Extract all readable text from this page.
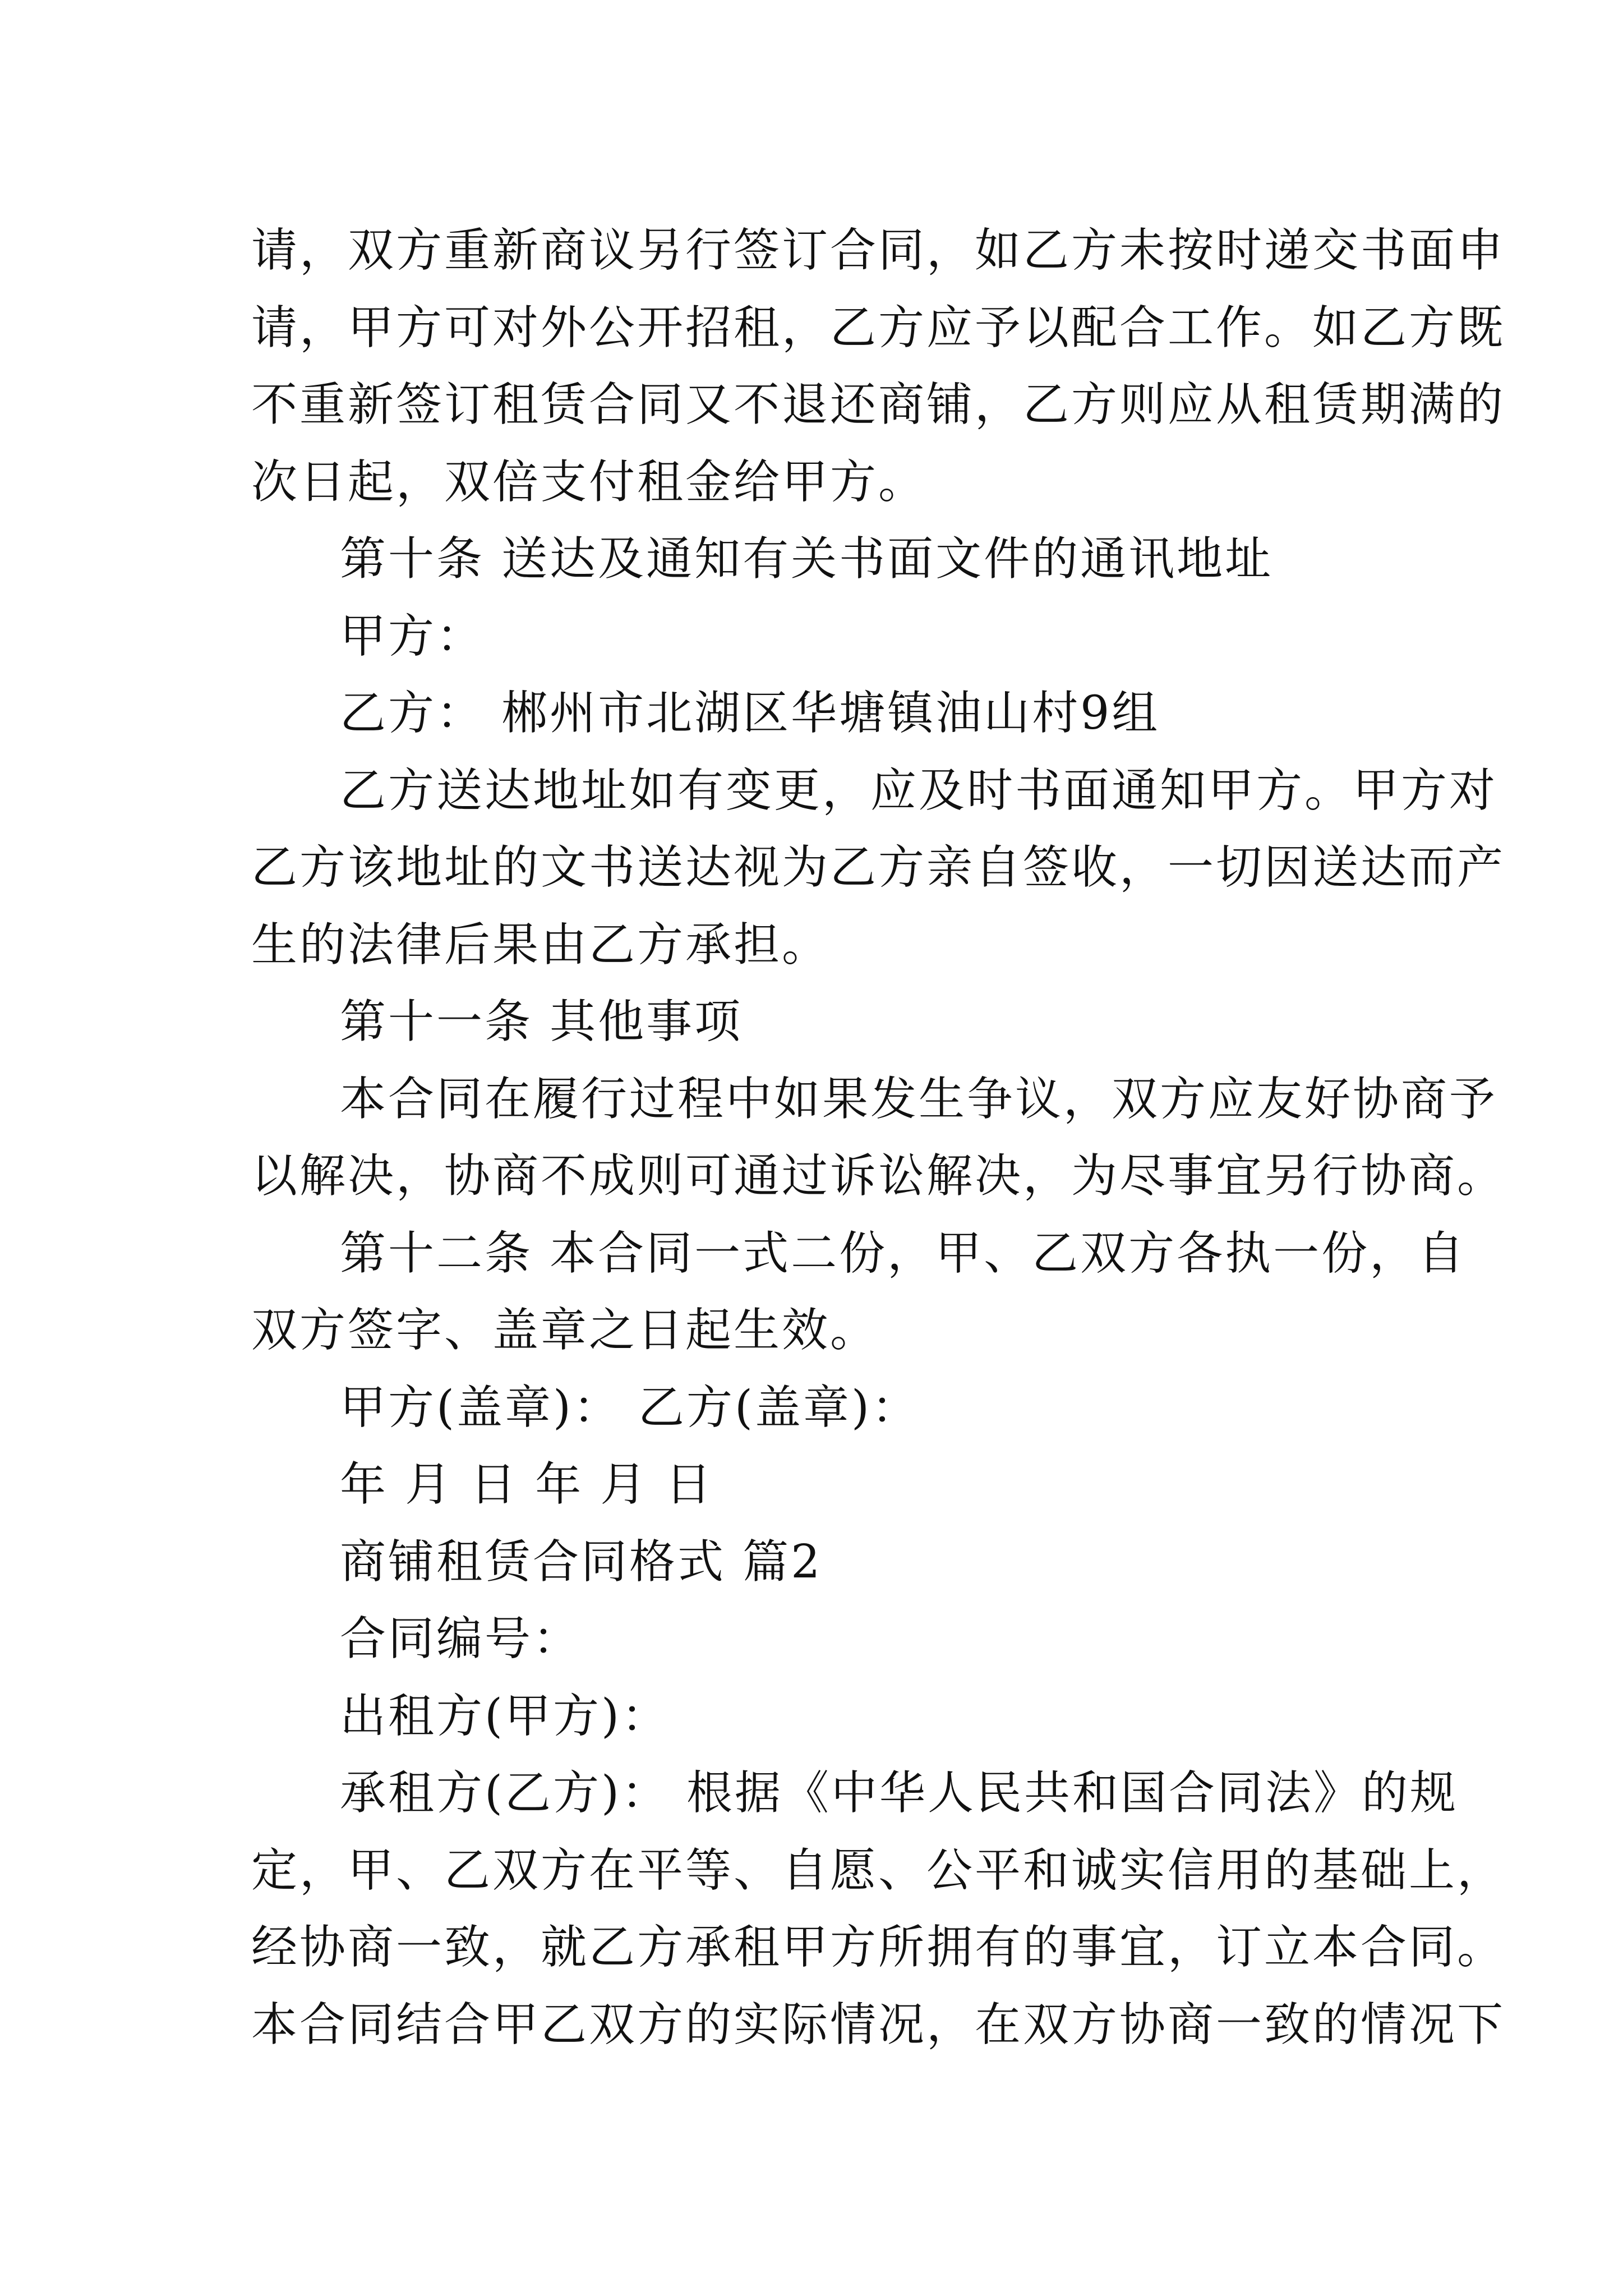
请，双方重新商议另行签订合同，如乙方未按时递交书面申
请，甲方可对外公开招租，乙方应予以配合工作。如乙方既
不重新签订租赁合同又不退还商铺，乙方则应从租赁期满的
次日起，双倍支付租金给甲方。
第十条 送达及通知有关书面文件的通讯地址
甲方：
乙方： 郴州市北湖区华塘镇油山村9组
乙方送达地址如有变更，应及时书面通知甲方。甲方对
乙方该地址的文书送达视为乙方亲自签收，一切因送达而产
生的法律后果由乙方承担。
第十一条 其他事项
本合同在履行过程中如果发生争议，双方应友好协商予
以解决，协商不成则可通过诉讼解决，为尽事宜另行协商。
第十二条 本合同一式二份，甲、乙双方各执一份，自
双方签字、盖章之日起生效。
甲方(盖章)： 乙方(盖章)：
年 月 日 年 月 日
商铺租赁合同格式 篇2
合同编号：
出租方(甲方)：
承租方(乙方)： 根据《中华人民共和国合同法》的规
定，甲、乙双方在平等、自愿、公平和诚实信用的基础上，
经协商一致，就乙方承租甲方所拥有的事宜，订立本合同。
本合同结合甲乙双方的实际情况，在双方协商一致的情况下
